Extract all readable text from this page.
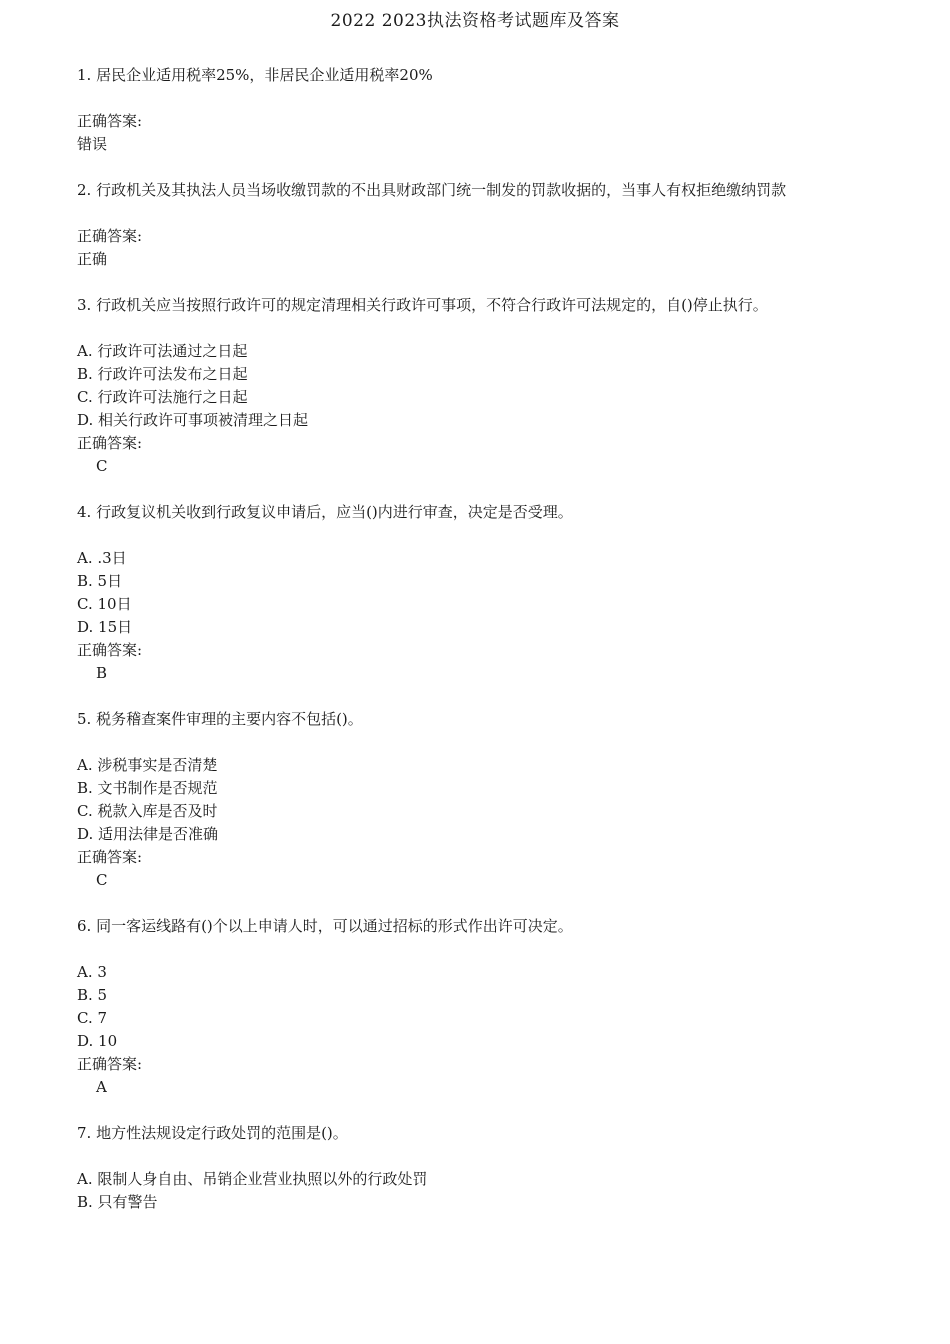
2022 2023执法资格考试题库及答案

1. 居民企业适用税率25%，非居民企业适用税率20%

正确答案:

错误

2. 行政机关及其执法人员当场收缴罚款的不出具财政部门统一制发的罚款收据的，当事人有权拒绝缴纳罚款

正确答案:

正确

3. 行政机关应当按照行政许可的规定清理相关行政许可事项，不符合行政许可法规定的，自()停止执行。

A. 行政许可法通过之日起

B. 行政许可法发布之日起

C. 行政许可法施行之日起

D. 相关行政许可事项被清理之日起

正确答案:

C

4. 行政复议机关收到行政复议申请后，应当()内进行审查，决定是否受理。

A. .3日

B. 5日

C. 10日

D. 15日

正确答案:

B

5. 税务稽查案件审理的主要内容不包括()。

A. 涉税事实是否清楚

B. 文书制作是否规范

C. 税款入库是否及时

D. 适用法律是否准确

正确答案:

C

6. 同一客运线路有()个以上申请人时，可以通过招标的形式作出许可决定。

A. 3

B. 5

C. 7

D. 10

正确答案:

A

7. 地方性法规设定行政处罚的范围是()。

A. 限制人身自由、吊销企业营业执照以外的行政处罚

B. 只有警告
